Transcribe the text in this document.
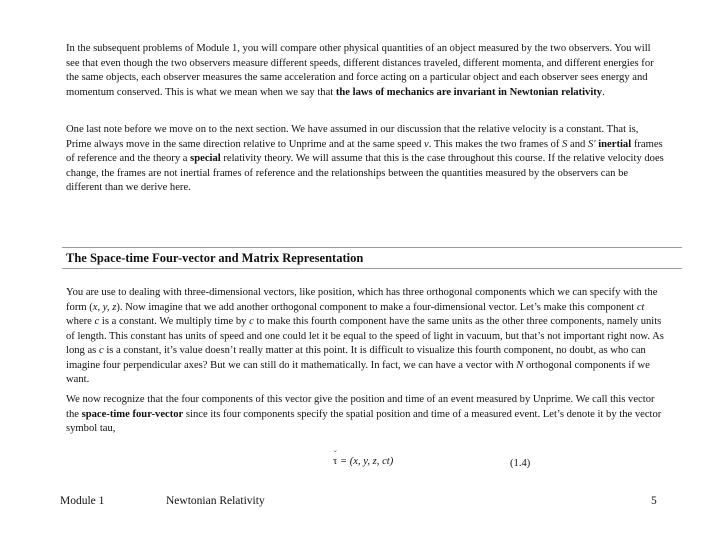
In the subsequent problems of Module 1, you will compare other physical quantities of an object measured by the two observers. You will see that even though the two observers measure different speeds, different distances traveled, different momenta, and different energies for the same objects, each observer measures the same acceleration and force acting on a particular object and each observer sees energy and momentum conserved. This is what we mean when we say that the laws of mechanics are invariant in Newtonian relativity.

One last note before we move on to the next section. We have assumed in our discussion that the relative velocity is a constant. That is, Prime always move in the same direction relative to Unprime and at the same speed v. This makes the two frames of S and S' inertial frames of reference and the theory a special relativity theory. We will assume that this is the case throughout this course. If the relative velocity does change, the frames are not inertial frames of reference and the relationships between the quantities measured by the observers can be different than we derive here.

The Space-time Four-vector and Matrix Representation

You are use to dealing with three-dimensional vectors, like position, which has three orthogonal components which we can specify with the form (x, y, z). Now imagine that we add another orthogonal component to make a four-dimensional vector. Let’s make this component ct where c is a constant. We multiply time by c to make this fourth component have the same units as the other three components, namely units of length. This constant has units of speed and one could let it be equal to the speed of light in vacuum, but that’s not important right now. As long as c is a constant, it’s value doesn’t really matter at this point. It is difficult to visualize this fourth component, no doubt, as who can imagine four perpendicular axes? But we can still do it mathematically. In fact, we can have a vector with N orthogonal components if we want.

We now recognize that the four components of this vector give the position and time of an event measured by Unprime. We call this vector the space-time four-vector since its four components specify the spatial position and time of a measured event. Let’s denote it by the vector symbol tau,

˘
τ = (x, y, z, ct)	(1.4)
Module 1	Newtonian Relativity	5
